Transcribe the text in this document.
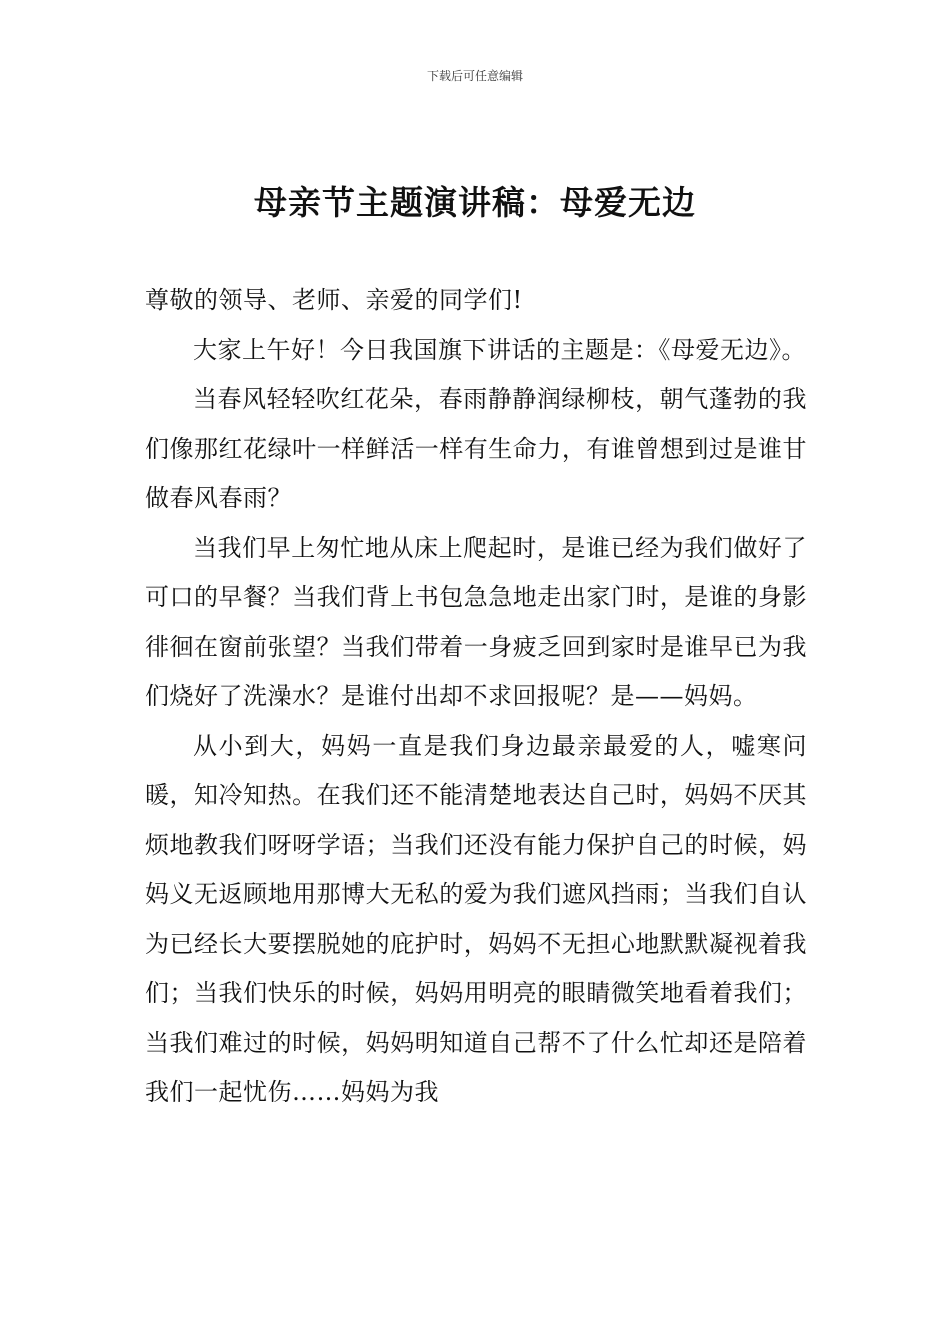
下载后可任意编辑
母亲节主题演讲稿：母爱无边

尊敬的领导、老师、亲爱的同学们!

大家上午好！今日我国旗下讲话的主题是：《母爱无边》。

当春风轻轻吹红花朵，春雨静静润绿柳枝，朝气蓬勃的我们像那红花绿叶一样鲜活一样有生命力，有谁曾想到过是谁甘做春风春雨？

当我们早上匆忙地从床上爬起时，是谁已经为我们做好了可口的早餐？当我们背上书包急急地走出家门时，是谁的身影徘徊在窗前张望？当我们带着一身疲乏回到家时是谁早已为我们烧好了洗澡水？是谁付出却不求回报呢？是——妈妈。

从小到大，妈妈一直是我们身边最亲最爱的人，嘘寒问暖，知冷知热。在我们还不能清楚地表达自己时，妈妈不厌其烦地教我们呀呀学语；当我们还没有能力保护自己的时候，妈妈义无返顾地用那博大无私的爱为我们遮风挡雨；当我们自认为已经长大要摆脱她的庇护时，妈妈不无担心地默默凝视着我们；当我们快乐的时候，妈妈用明亮的眼睛微笑地看着我们；当我们难过的时候，妈妈明知道自己帮不了什么忙却还是陪着我们一起忧伤……妈妈为我
